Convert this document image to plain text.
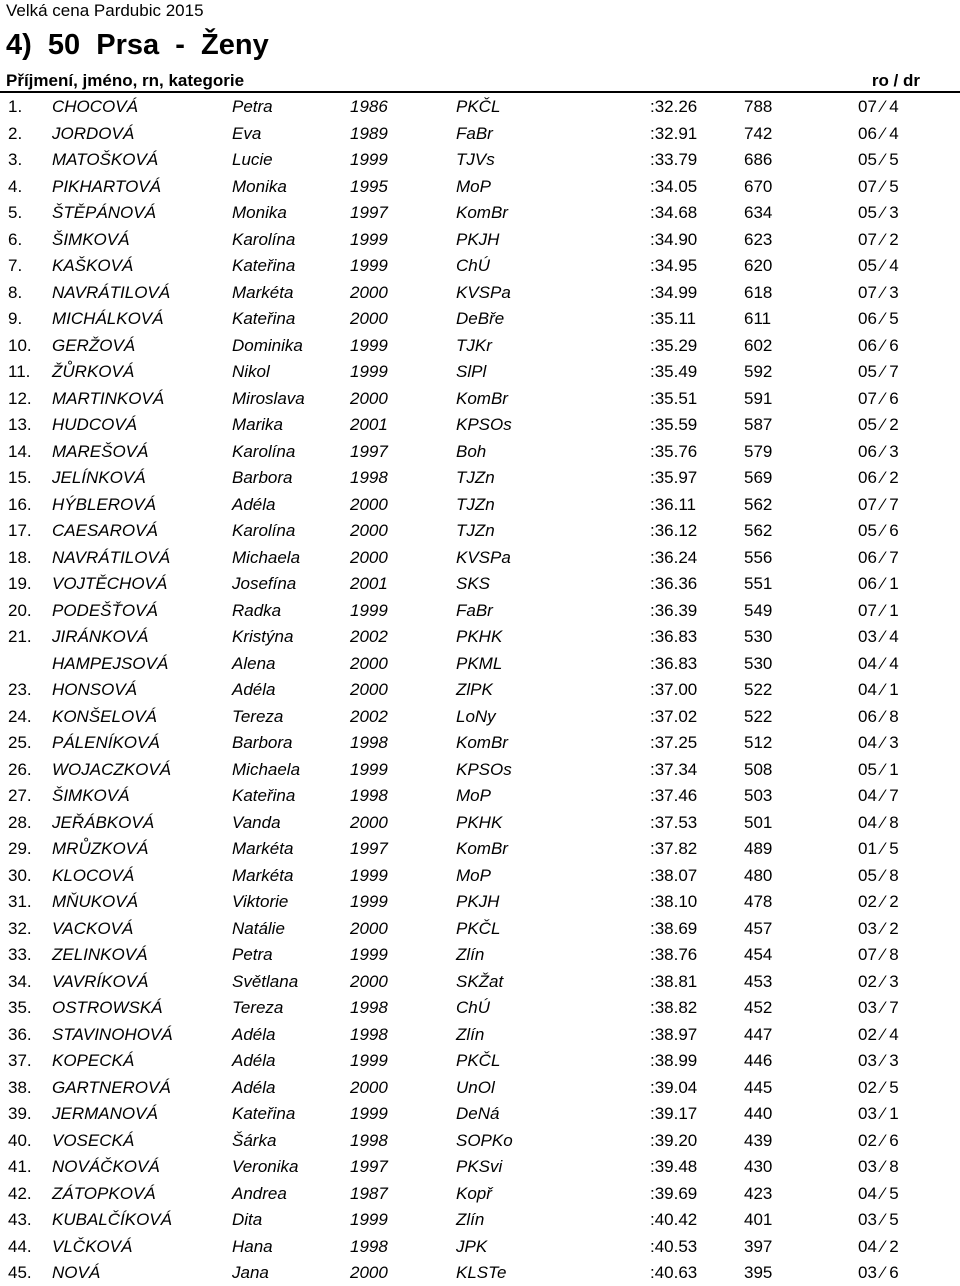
Velká cena Pardubic 2015
4)  50  Prsa  -  Ženy
Příjmení, jméno, rn, kategorie	ro / dr
1. CHOCOVÁ	Petra	1986	PKČL	:32.26	788	07 ⁄ 4
2. JORDOVÁ	Eva	1989	FaBr	:32.91	742	06 ⁄ 4
3. MATOŠKOVÁ	Lucie	1999	TJVs	:33.79	686	05 ⁄ 5
4. PIKHARTOVÁ	Monika	1995	MoP	:34.05	670	07 ⁄ 5
5. ŠTĚPÁNOVÁ	Monika	1997	KomBr	:34.68	634	05 ⁄ 3
6. ŠIMKOVÁ	Karolína	1999	PKJH	:34.90	623	07 ⁄ 2
7. KAŠKOVÁ	Kateřina	1999	ChÚ	:34.95	620	05 ⁄ 4
8. NAVRÁTILOVÁ	Markéta	2000	KVSPa	:34.99	618	07 ⁄ 3
9. MICHÁLKOVÁ	Kateřina	2000	DeBře	:35.11	611	06 ⁄ 5
10. GERŽOVÁ	Dominika	1999	TJKr	:35.29	602	06 ⁄ 6
11. ŽŮRKOVÁ	Nikol	1999	SlPl	:35.49	592	05 ⁄ 7
12. MARTINKOVÁ	Miroslava	2000	KomBr	:35.51	591	07 ⁄ 6
13. HUDCOVÁ	Marika	2001	KPSOs	:35.59	587	05 ⁄ 2
14. MAREŠOVÁ	Karolína	1997	Boh	:35.76	579	06 ⁄ 3
15. JELÍNKOVÁ	Barbora	1998	TJZn	:35.97	569	06 ⁄ 2
16. HÝBLEROVÁ	Adéla	2000	TJZn	:36.11	562	07 ⁄ 7
17. CAESAROVÁ	Karolína	2000	TJZn	:36.12	562	05 ⁄ 6
18. NAVRÁTILOVÁ	Michaela	2000	KVSPa	:36.24	556	06 ⁄ 7
19. VOJTĚCHOVÁ	Josefína	2001	SKS	:36.36	551	06 ⁄ 1
20. PODEŠŤOVÁ	Radka	1999	FaBr	:36.39	549	07 ⁄ 1
21. JIRÁNKOVÁ	Kristýna	2002	PKHK	:36.83	530	03 ⁄ 4
HAMPEJSOVÁ	Alena	2000	PKML	:36.83	530	04 ⁄ 4
23. HONSOVÁ	Adéla	2000	ZlPK	:37.00	522	04 ⁄ 1
24. KONŠELOVÁ	Tereza	2002	LoNy	:37.02	522	06 ⁄ 8
25. PÁLENÍKOVÁ	Barbora	1998	KomBr	:37.25	512	04 ⁄ 3
26. WOJACZKOVÁ	Michaela	1999	KPSOs	:37.34	508	05 ⁄ 1
27. ŠIMKOVÁ	Kateřina	1998	MoP	:37.46	503	04 ⁄ 7
28. JEŘÁBKOVÁ	Vanda	2000	PKHK	:37.53	501	04 ⁄ 8
29. MRŮZKOVÁ	Markéta	1997	KomBr	:37.82	489	01 ⁄ 5
30. KLOCOVÁ	Markéta	1999	MoP	:38.07	480	05 ⁄ 8
31. MŇUKOVÁ	Viktorie	1999	PKJH	:38.10	478	02 ⁄ 2
32. VACKOVÁ	Natálie	2000	PKČL	:38.69	457	03 ⁄ 2
33. ZELINKOVÁ	Petra	1999	Zlín	:38.76	454	07 ⁄ 8
34. VAVRÍKOVÁ	Světlana	2000	SKŽat	:38.81	453	02 ⁄ 3
35. OSTROWSKÁ	Tereza	1998	ChÚ	:38.82	452	03 ⁄ 7
36. STAVINOHOVÁ	Adéla	1998	Zlín	:38.97	447	02 ⁄ 4
37. KOPECKÁ	Adéla	1999	PKČL	:38.99	446	03 ⁄ 3
38. GARTNEROVÁ	Adéla	2000	UnOl	:39.04	445	02 ⁄ 5
39. JERMANOVÁ	Kateřina	1999	DeNá	:39.17	440	03 ⁄ 1
40. VOSECKÁ	Šárka	1998	SOPKo	:39.20	439	02 ⁄ 6
41. NOVÁČKOVÁ	Veronika	1997	PKSvi	:39.48	430	03 ⁄ 8
42. ZÁTOPKOVÁ	Andrea	1987	Kopř	:39.69	423	04 ⁄ 5
43. KUBALČÍKOVÁ	Dita	1999	Zlín	:40.42	401	03 ⁄ 5
44. VLČKOVÁ	Hana	1998	JPK	:40.53	397	04 ⁄ 2
45. NOVÁ	Jana	2000	KLSTe	:40.63	395	03 ⁄ 6
